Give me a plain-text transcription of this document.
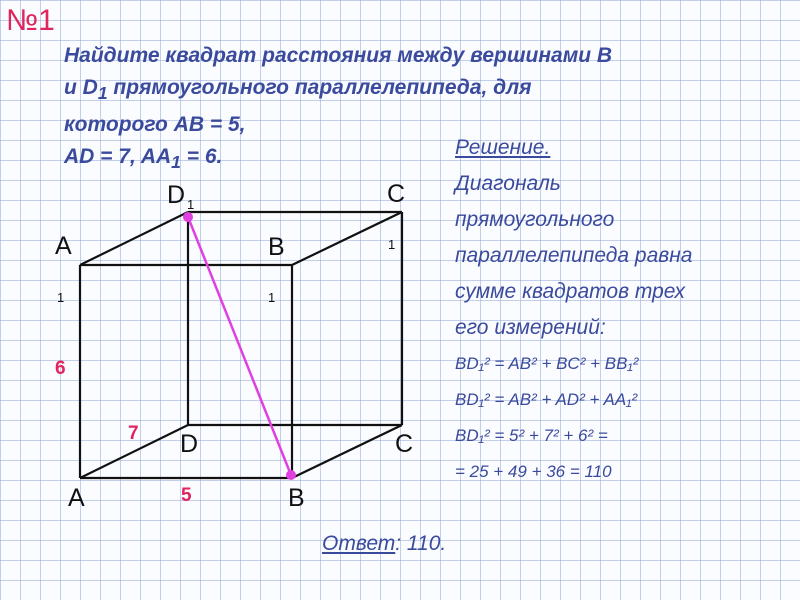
№1

Найдите квадрат расстояния между вершинами B

и $D_1$ прямоугольного параллелепипеда, для

которого AB = 5,

AD = 7, $AA_1 = 6$.

A
1
B
1
C
1
D 1
A	B
C
D
6
7
5
Решение.
Диагональ
прямоугольного
параллелепипеда равна
сумме квадратов трех
его измерений:
BD₁² = AB² + BC² + BB₁²
BD₁² = AB² + AD² + AA₁²
BD₁² = 5² + 7² + 6² =
= 25 + 49 + 36 = 110
Ответ: 110.
